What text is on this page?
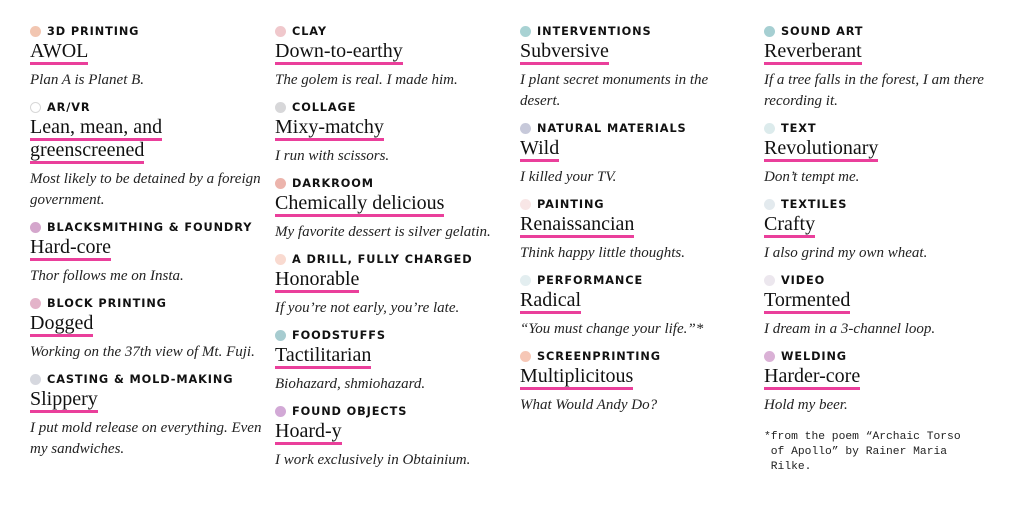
3D PRINTING
AWOL
Plan A is Planet B.
AR/VR
Lean, mean, and greenscreened
Most likely to be detained by a foreign government.
BLACKSMITHING & FOUNDRY
Hard-core
Thor follows me on Insta.
BLOCK PRINTING
Dogged
Working on the 37th view of Mt. Fuji.
CASTING & MOLD-MAKING
Slippery
I put mold release on everything. Even my sandwiches.
CLAY
Down-to-earthy
The golem is real. I made him.
COLLAGE
Mixy-matchy
I run with scissors.
DARKROOM
Chemically delicious
My favorite dessert is silver gelatin.
A DRILL, FULLY CHARGED
Honorable
If you’re not early, you’re late.
FOODSTUFFS
Tactilitarian
Biohazard, shmiohazard.
FOUND OBJECTS
Hoard-y
I work exclusively in Obtainium.
INTERVENTIONS
Subversive
I plant secret monuments in the desert.
NATURAL MATERIALS
Wild
I killed your TV.
PAINTING
Renaissancian
Think happy little thoughts.
PERFORMANCE
Radical
“You must change your life.”*
SCREENPRINTING
Multiplicitous
What Would Andy Do?
SOUND ART
Reverberant
If a tree falls in the forest, I am there recording it.
TEXT
Revolutionary
Don’t tempt me.
TEXTILES
Crafty
I also grind my own wheat.
VIDEO
Tormented
I dream in a 3-channel loop.
WELDING
Harder-core
Hold my beer.
*from the poem “Archaic Torso
of Apollo” by Rainer Maria
Rilke.
